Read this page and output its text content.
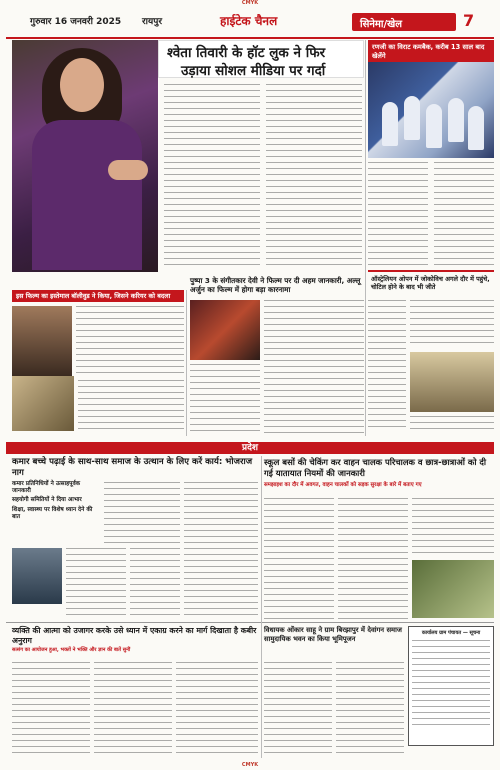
CMYK
गुरुवार 16 जनवरी 2025 रायपुर	हाईटेक चैनल	सिनेमा/खेल	7
श्वेता तिवारी के हॉट लुक ने फिर
उड़ाया सोशल मीडिया पर गर्दा
रणजी का विराट कमबैक, करीब 13 साल बाद खेलेंगे
ऑस्ट्रेलियन ओपन में जोकोविच अगले दौर में पहुंचे, चोटिल होने के बाद भी जीते
इस फिल्म का इस्तेमाल बॉलीवुड ने किया, जिसने करियर को बदला
पुष्पा 3 के संगीतकार देवी ने फिल्म पर दी अहम जानकारी, अल्लू अर्जुन का फिल्म में होगा बड़ा कारनामा
प्रदेश
कमार बच्चे पढ़ाई के साथ-साथ समाज के उत्थान के लिए करें कार्य: भोजराज नाग
स्कूल बसों की चेकिंग कर वाहन चालक परिचालक व छात्र-छात्राओं को दी गई यातायात नियमों की जानकारी
समझाइश का दौर में अवगत, वाहन चालकों को सड़क सुरक्षा के बारे में बताए गए
कमार प्रतिनिधियों ने उत्साहपूर्वक जानकारी
सहयोगी समितियों ने दिया आभार
शिक्षा, स्वास्थ्य पर विशेष ध्यान देने की बात
व्यक्ति की आत्मा को उजागर करके उसे ध्यान में एकाग्र करने का मार्ग दिखाता है कबीर अनुराग
सत्संग का आयोजन हुआ, भक्तों ने भक्ति और ज्ञान की बातें सुनीं
विधायक ओंकार साहू ने ग्राम बिरझापुर में देवांगन समाज सामुदायिक भवन का किया भूमिपूजन
कार्यालय ग्राम पंचायत — सूचना
CMYK
